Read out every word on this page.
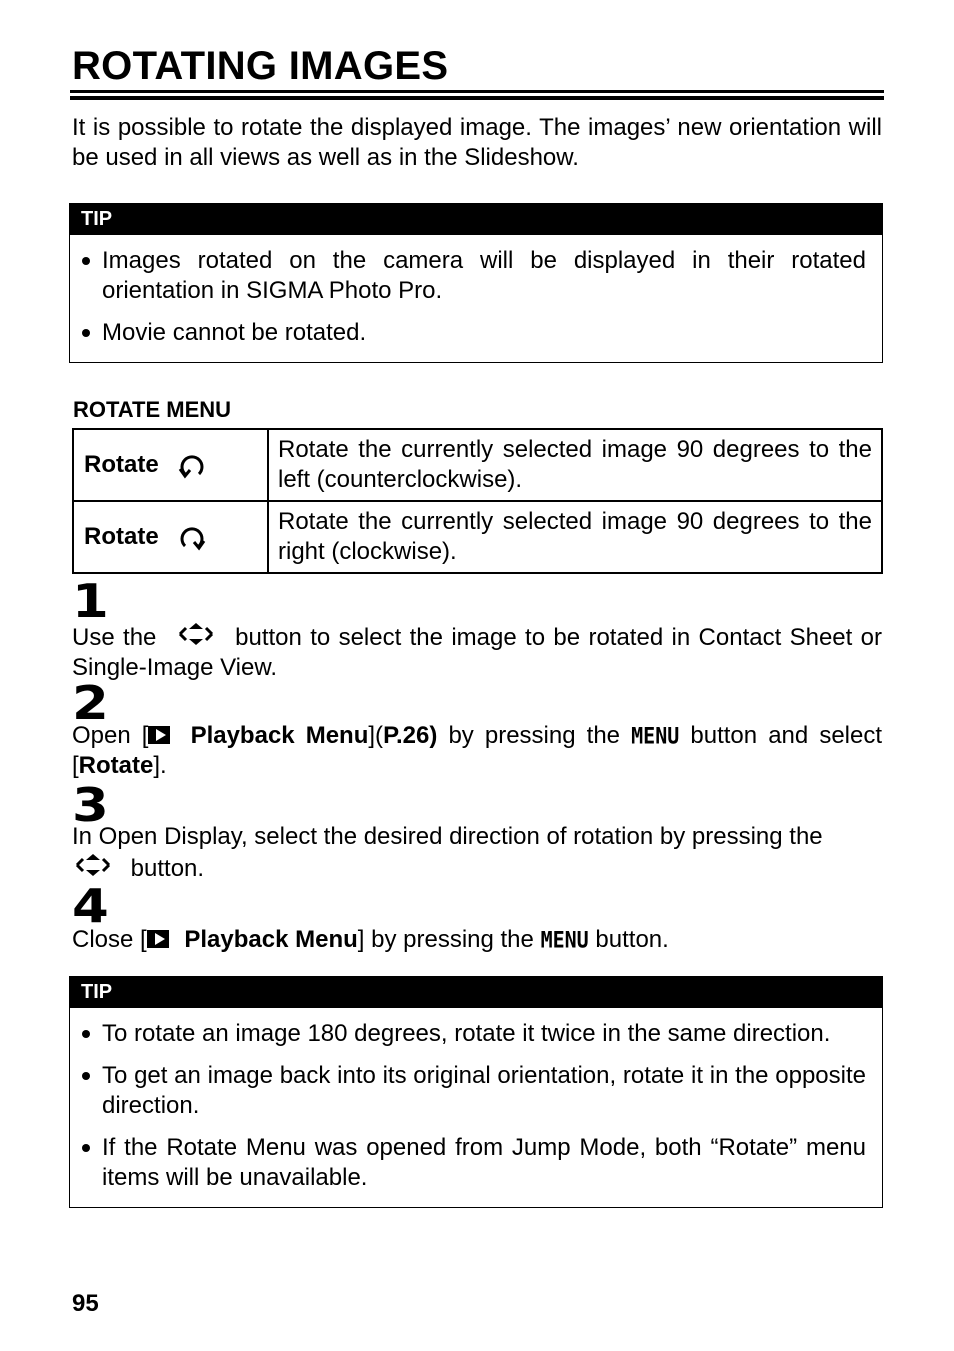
ROTATING IMAGES
It is possible to rotate the displayed image. The images’ new orientation will be used in all views as well as in the Slideshow.
TIP
Images rotated on the camera will be displayed in their rotated orientation in SIGMA Photo Pro.
Movie cannot be rotated.
ROTATE MENU
Rotate	Rotate the currently selected image 90 degrees to the left (counterclockwise).
Rotate	Rotate the currently selected image 90 degrees to the right (clockwise).
1
Use the	button to select the image to be rotated in Contact Sheet or Single-Image View.
2
Open [ Playback Menu](P.26) by pressing the MENU button and select [Rotate].
3
In Open Display, select the desired direction of rotation by pressing the
button.
4
Close [ Playback Menu] by pressing the MENU button.
TIP
To rotate an image 180 degrees, rotate it twice in the same direction.
To get an image back into its original orientation, rotate it in the opposite direction.
If the Rotate Menu was opened from Jump Mode, both “Rotate” menu items will be unavailable.
95
